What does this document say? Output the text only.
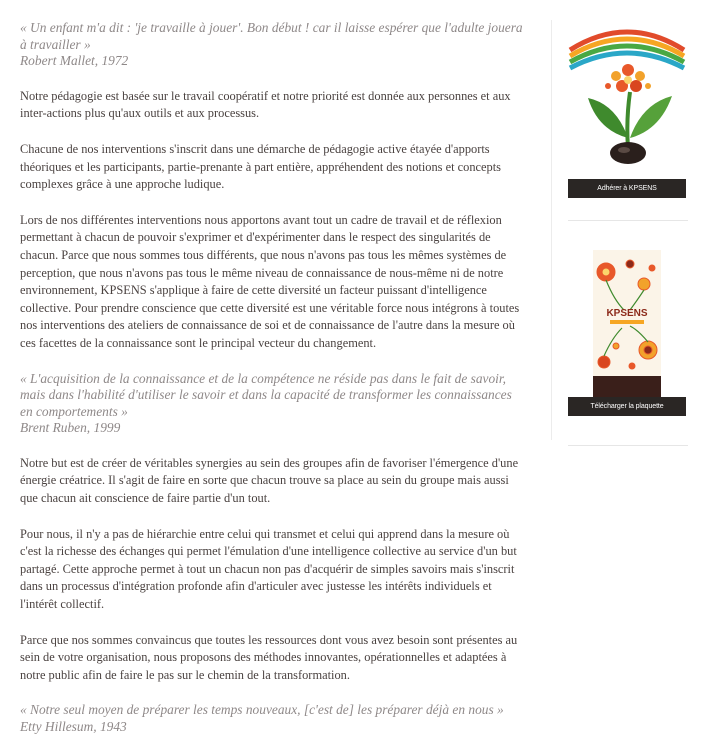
« Un enfant m'a dit : 'je travaille à jouer'. Bon début ! car il laisse espérer que l'adulte jouera à travailler »
Robert Mallet, 1972

Notre pédagogie est basée sur le travail coopératif et notre priorité est donnée aux personnes et aux inter-actions plus qu'aux outils et aux processus.

Chacune de nos interventions s'inscrit dans une démarche de pédagogie active étayée d'apports théoriques et les participants, partie-prenante à part entière, appréhendent des notions et concepts complexes grâce à une approche ludique.

Lors de nos différentes interventions nous apportons avant tout un cadre de travail et de réflexion permettant à chacun de pouvoir s'exprimer et d'expérimenter dans le respect des singularités de chacun. Parce que nous sommes tous différents, que nous n'avons pas tous les mêmes systèmes de perception, que nous n'avons pas tous le même niveau de connaissance de nous-même ni de notre environnement, KPSENS s'applique à faire de cette diversité un facteur puissant d'intelligence collective. Pour prendre conscience que cette diversité est une véritable force nous intégrons à toutes nos interventions des ateliers de connaissance de soi et de connaissance de l'autre dans la mesure où ces facettes de la connaissance sont le principal vecteur du changement.

« L'acquisition de la connaissance et de la compétence ne réside pas dans le fait de savoir, mais dans l'habilité d'utiliser le savoir et dans la capacité de transformer les connaissances en comportements »
Brent Ruben, 1999

Notre but est de créer de véritables synergies au sein des groupes afin de favoriser l'émergence d'une énergie créatrice. Il s'agit de faire en sorte que chacun trouve sa place au sein du groupe mais aussi que chacun ait conscience de faire partie d'un tout.

Pour nous, il n'y a pas de hiérarchie entre celui qui transmet et celui qui apprend dans la mesure où c'est la richesse des échanges qui permet l'émulation d'une intelligence collective au service d'un but partagé. Cette approche permet à tout un chacun non pas d'acquérir de simples savoirs mais s'inscrit dans un processus d'intégration profonde afin d'articuler avec justesse les intérêts individuels et l'intérêt collectif.

Parce que nos sommes convaincus que toutes les ressources dont vous avez besoin sont présentes au sein de votre organisation, nous proposons des méthodes innovantes, opérationnelles et adaptées à notre public afin de faire le pas sur le chemin de la transformation.

« Notre seul moyen de préparer les temps nouveaux, [c'est de] les préparer déjà en nous »
Etty Hillesum, 1943
Adhérer à KPSENS
KPSENS
Télécharger la plaquette
